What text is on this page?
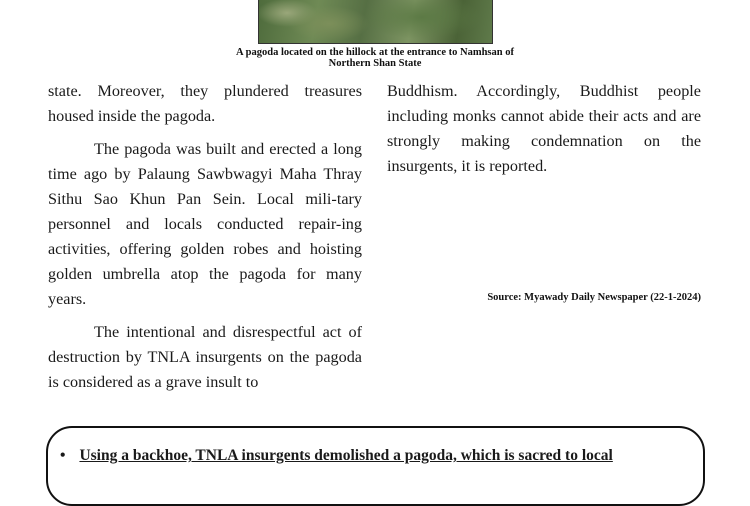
A pagoda located on the hillock at the entrance to Namhsan of
Northern Shan State

state. Moreover, they plundered treasures housed inside the pagoda.

The pagoda was built and erected a long time ago by Palaung Sawbwagyi Maha Thray Sithu Sao Khun Pan Sein. Local mili-tary personnel and locals conducted repair-ing activities, offering golden robes and hoisting golden umbrella atop the pagoda for many years.

The intentional and disrespectful act of destruction by TNLA insurgents on the pagoda is considered as a grave insult to

Buddhism. Accordingly, Buddhist people including monks cannot abide their acts and are strongly making condemnation on the insurgents, it is reported.

Source: Myawady Daily Newspaper (22-1-2024)
• Using a backhoe, TNLA insurgents demolished a pagoda, which is sacred to local
